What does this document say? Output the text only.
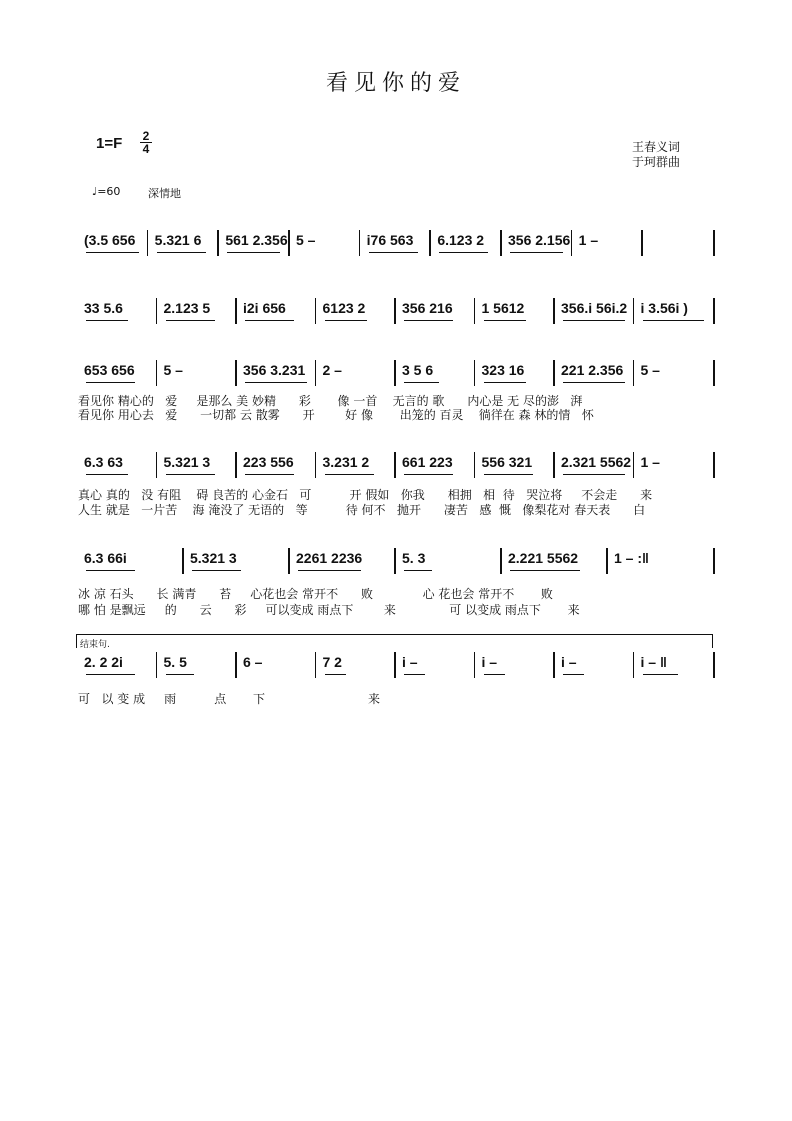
看见你的爱
1=F	2
4	王春义词
于珂群曲
♩=60	深情地
(3.5 656 5.321 6 561 2.356 5 –	i76 563 6.123 2 356 2.156 1 –
33 5.6	2.123 5 i2i 656	6123 2	356 216 1 5612	356.i 56i.2 i 3.56i )
653 656 5 –	356 3.231 2 –	3 5 6	323 16	221 2.356 5 –
看见你 精心的   爱     是那么 美 妙精      彩       像 一首    无言的 歌      内心是 无 尽的澎   湃
看见你 用心去   爱      一切都 云 散雾      开        好 像       出笼的 百灵    徜徉在 森 林的情   怀
6.3 63	5.321 3 223 556 3.231 2 661 223 556 321 2.321 5562 1 –
真心 真的   没 有阻    碍 良苦的 心金石   可          开 假如   你我      相拥   相  待   哭泣将     不会走      来
人生 就是   一片苦    海 淹没了 无语的   等          待 何不   抛开      凄苦   感  慨   像梨花对 春天表      白
6.3 66i	5.321 3	2261 2236	5. 3	2.221 5562	1 – :‖
冰 凉 石头      长 满青      苔     心花也会 常开不      败             心 花也会 常开不       败
哪 怕 是飘远     的      云      彩     可以变成 雨点下        来              可 以变成 雨点下       来
2. 2 2i	5. 5	6 –	7 2	i –	i –	i –	i – ‖
可   以 变 成     雨          点       下                           来
结束句.
